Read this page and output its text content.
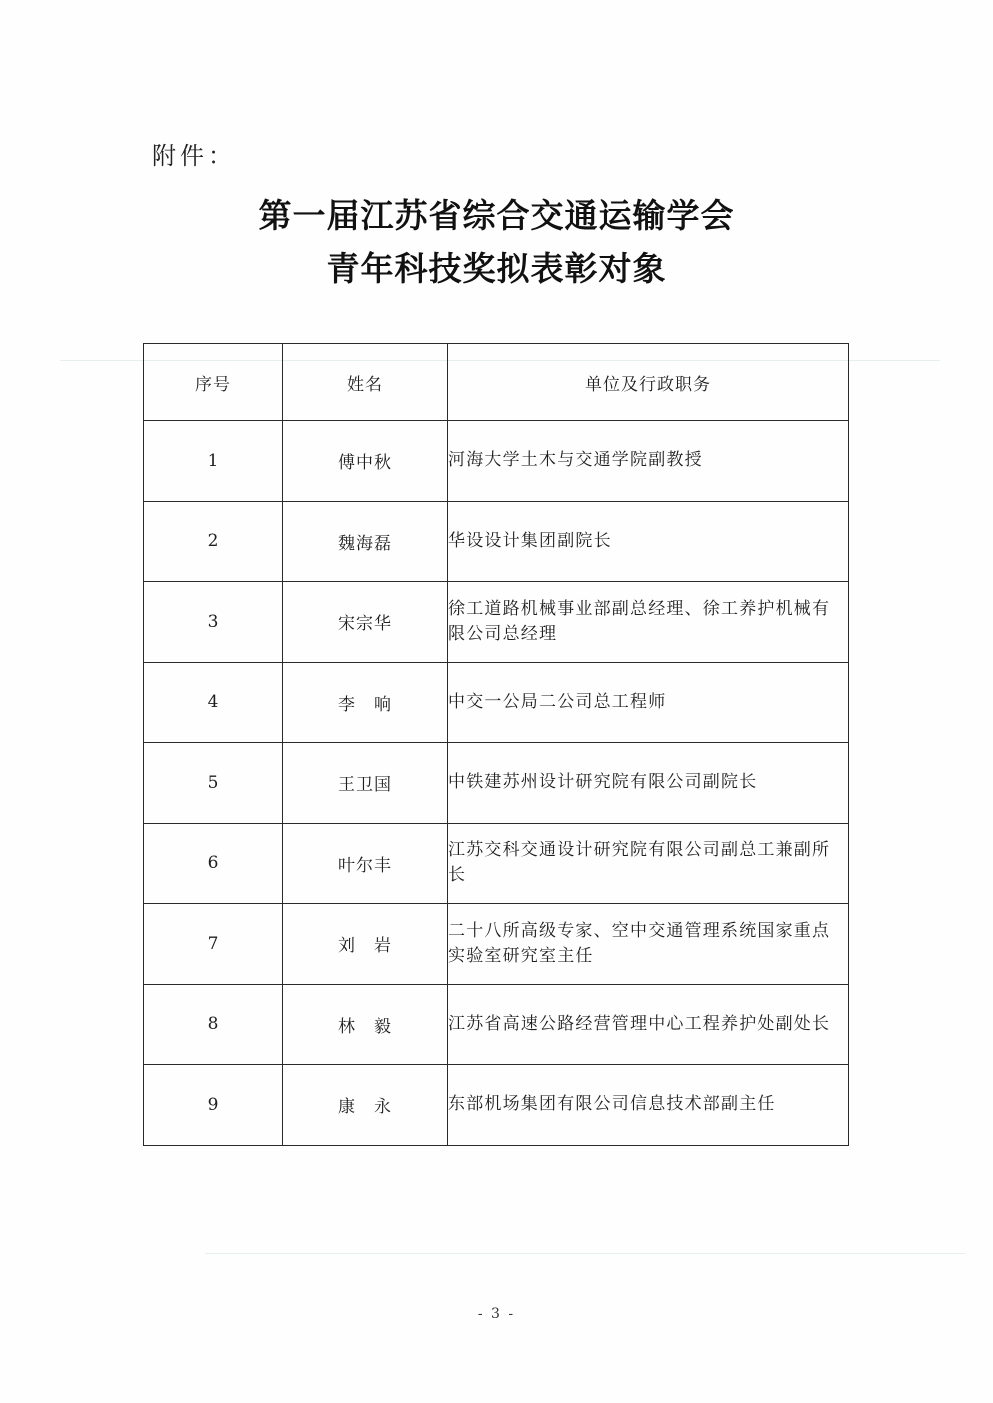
附件：
第一届江苏省综合交通运输学会
青年科技奖拟表彰对象
序号	姓名	单位及行政职务
1	傅中秋	河海大学土木与交通学院副教授
2	魏海磊	华设设计集团副院长
3	宋宗华	徐工道路机械事业部副总经理、徐工养护机械有限公司总经理
4	李　响	中交一公局二公司总工程师
5	王卫国	中铁建苏州设计研究院有限公司副院长
6	叶尔丰	江苏交科交通设计研究院有限公司副总工兼副所长
7	刘　岩	二十八所高级专家、空中交通管理系统国家重点实验室研究室主任
8	林　毅	江苏省高速公路经营管理中心工程养护处副处长
9	康　永	东部机场集团有限公司信息技术部副主任
- 3 -
